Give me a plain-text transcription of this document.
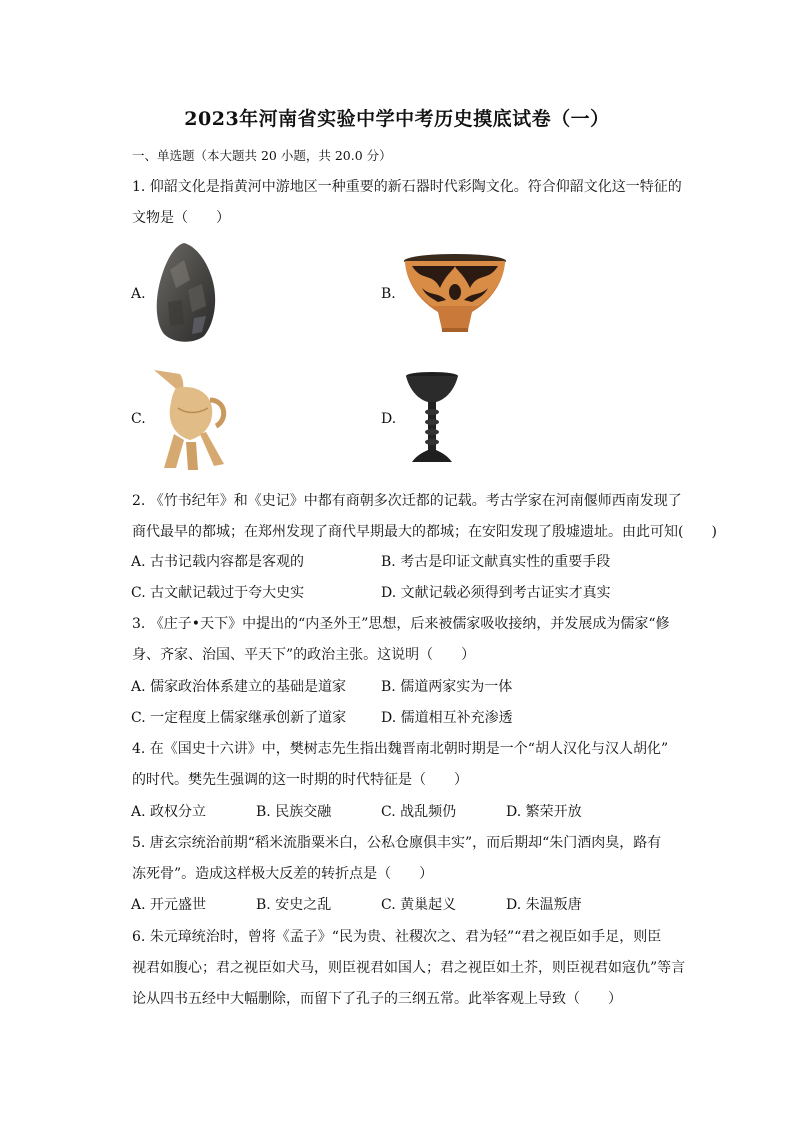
2023年河南省实验中学中考历史摸底试卷（一）
一、单选题（本大题共 20 小题，共 20.0 分）
1. 仰韶文化是指黄河中游地区一种重要的新石器时代彩陶文化。符合仰韶文化这一特征的
文物是（　　）
A.	B.
C.	D.
2. 《竹书纪年》和《史记》中都有商朝多次迁都的记载。考古学家在河南偃师西南发现了
商代最早的都城；在郑州发现了商代早期最大的都城；在安阳发现了殷墟遗址。由此可知(　　)
A. 古书记载内容都是客观的	B. 考古是印证文献真实性的重要手段
C. 古文献记载过于夸大史实	D. 文献记载必须得到考古证实才真实
3. 《庄子•天下》中提出的“内圣外王”思想，后来被儒家吸收接纳，并发展成为儒家“修
身、齐家、治国、平天下”的政治主张。这说明（　　）
A. 儒家政治体系建立的基础是道家 B. 儒道两家实为一体
C. 一定程度上儒家继承创新了道家 D. 儒道相互补充渗透
4. 在《国史十六讲》中，樊树志先生指出魏晋南北朝时期是一个“胡人汉化与汉人胡化”
的时代。樊先生强调的这一时期的时代特征是（　　）
A. 政权分立	B. 民族交融	C. 战乱频仍	D. 繁荣开放
5. 唐玄宗统治前期“稻米流脂粟米白，公私仓廪俱丰实”，而后期却“朱门酒肉臭，路有
冻死骨”。造成这样极大反差的转折点是（　　）
A. 开元盛世	B. 安史之乱	C. 黄巢起义	D. 朱温叛唐
6. 朱元璋统治时，曾将《孟子》“民为贵、社稷次之、君为轻”“君之视臣如手足，则臣
视君如腹心；君之视臣如犬马，则臣视君如国人；君之视臣如土芥，则臣视君如寇仇”等言
论从四书五经中大幅删除，而留下了孔子的三纲五常。此举客观上导致（　　）
